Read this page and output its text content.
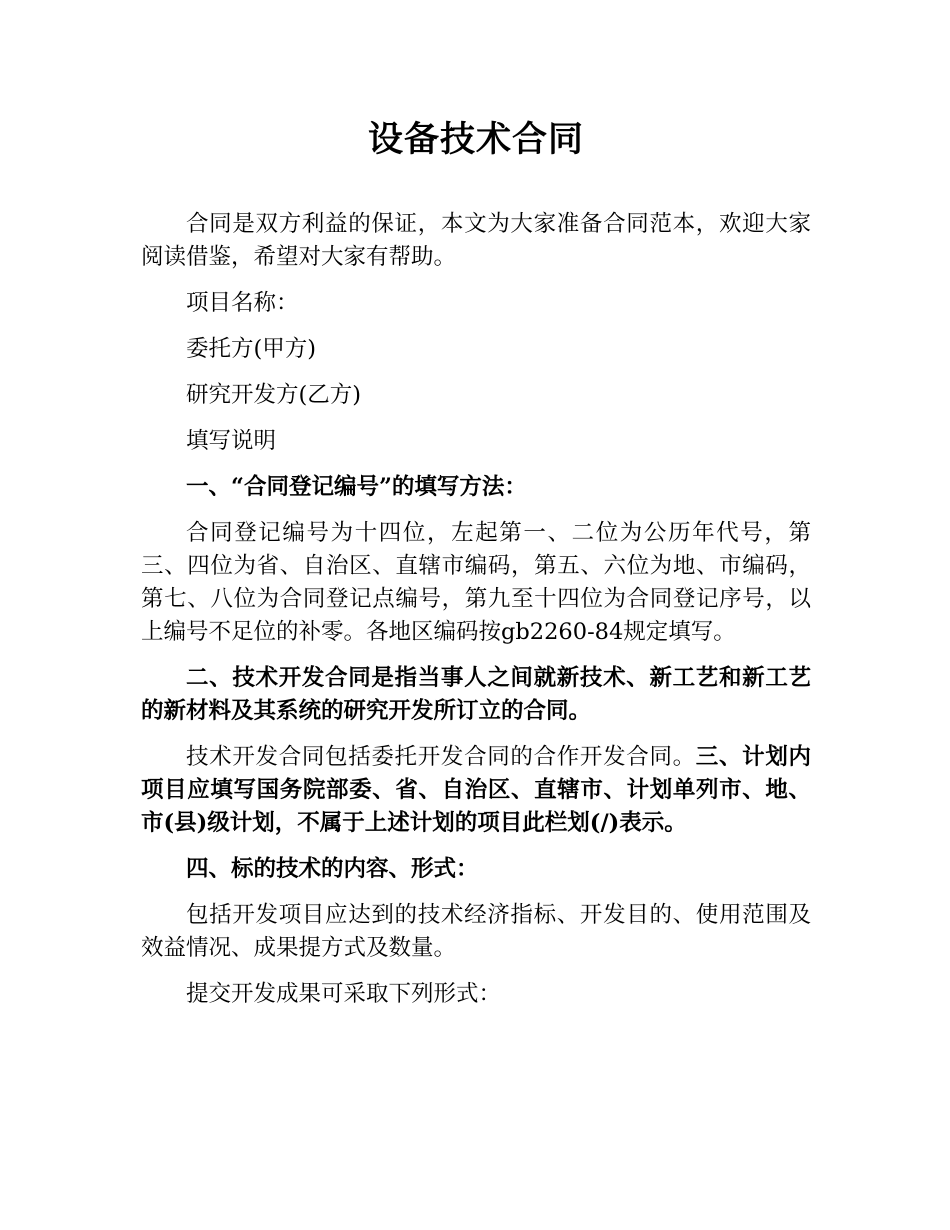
设备技术合同

合同是双方利益的保证，本文为大家准备合同范本，欢迎大家阅读借鉴，希望对大家有帮助。

项目名称：

委托方(甲方)

研究开发方(乙方)

填写说明

一、“合同登记编号”的填写方法：

合同登记编号为十四位，左起第一、二位为公历年代号，第三、四位为省、自治区、直辖市编码，第五、六位为地、市编码，第七、八位为合同登记点编号，第九至十四位为合同登记序号，以上编号不足位的补零。各地区编码按gb2260-84规定填写。

二、技术开发合同是指当事人之间就新技术、新工艺和新工艺的新材料及其系统的研究开发所订立的合同。

技术开发合同包括委托开发合同的合作开发合同。三、计划内项目应填写国务院部委、省、自治区、直辖市、计划单列市、地、市(县)级计划，不属于上述计划的项目此栏划(/)表示。

四、标的技术的内容、形式：

包括开发项目应达到的技术经济指标、开发目的、使用范围及效益情况、成果提方式及数量。

提交开发成果可采取下列形式：
